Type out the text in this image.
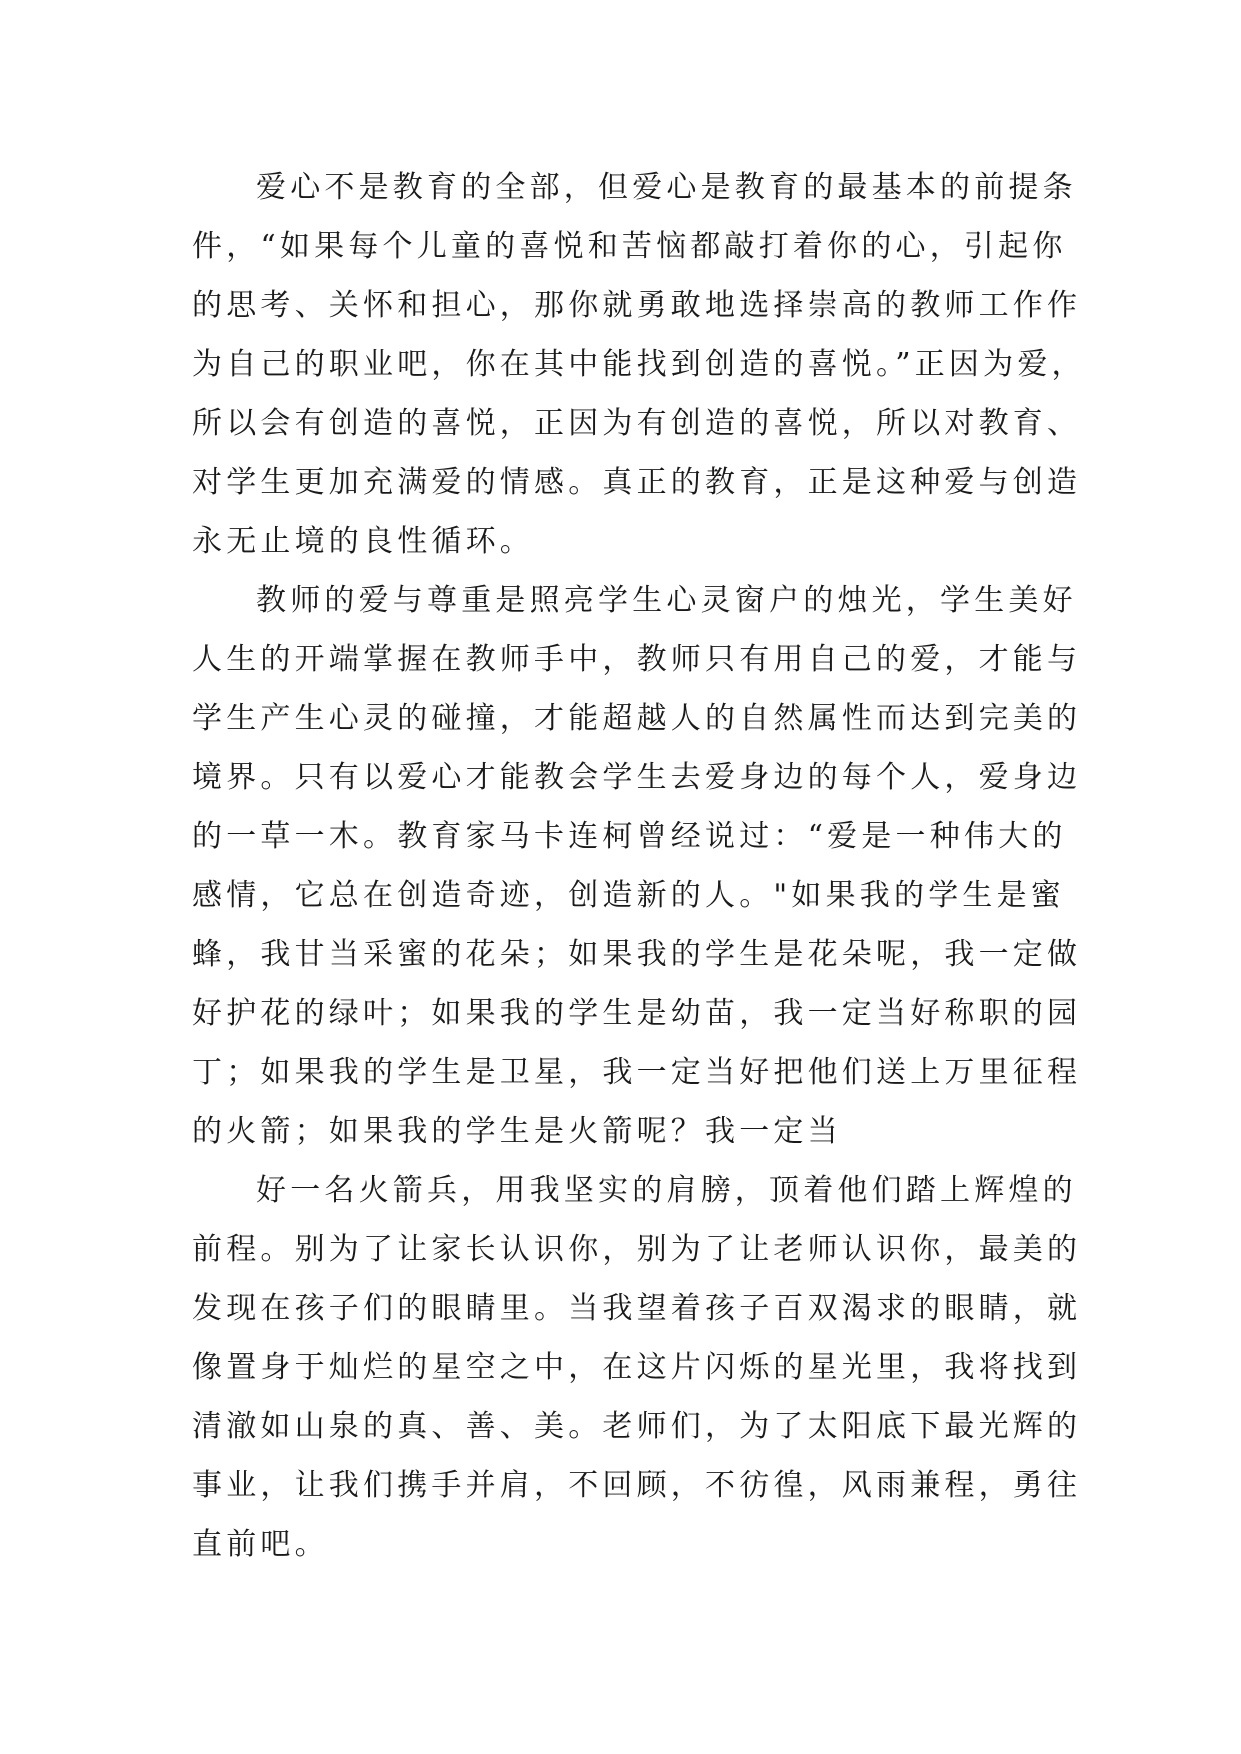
爱心不是教育的全部，但爱心是教育的最基本的前提条
件，“如果每个儿童的喜悦和苦恼都敲打着你的心，引起你
的思考、关怀和担心，那你就勇敢地选择崇高的教师工作作
为自己的职业吧，你在其中能找到创造的喜悦。”正因为爱，
所以会有创造的喜悦，正因为有创造的喜悦，所以对教育、
对学生更加充满爱的情感。真正的教育，正是这种爱与创造
永无止境的良性循环。

教师的爱与尊重是照亮学生心灵窗户的烛光，学生美好
人生的开端掌握在教师手中，教师只有用自己的爱，才能与
学生产生心灵的碰撞，才能超越人的自然属性而达到完美的
境界。只有以爱心才能教会学生去爱身边的每个人，爱身边
的一草一木。教育家马卡连柯曾经说过：“爱是一种伟大的
感情，它总在创造奇迹，创造新的人。"如果我的学生是蜜
蜂，我甘当采蜜的花朵；如果我的学生是花朵呢，我一定做
好护花的绿叶；如果我的学生是幼苗，我一定当好称职的园
丁；如果我的学生是卫星，我一定当好把他们送上万里征程
的火箭；如果我的学生是火箭呢？我一定当

好一名火箭兵，用我坚实的肩膀，顶着他们踏上辉煌的
前程。别为了让家长认识你，别为了让老师认识你，最美的
发现在孩子们的眼睛里。当我望着孩子百双渴求的眼睛，就
像置身于灿烂的星空之中，在这片闪烁的星光里，我将找到
清澈如山泉的真、善、美。老师们，为了太阳底下最光辉的
事业，让我们携手并肩，不回顾，不彷徨，风雨兼程，勇往
直前吧。
